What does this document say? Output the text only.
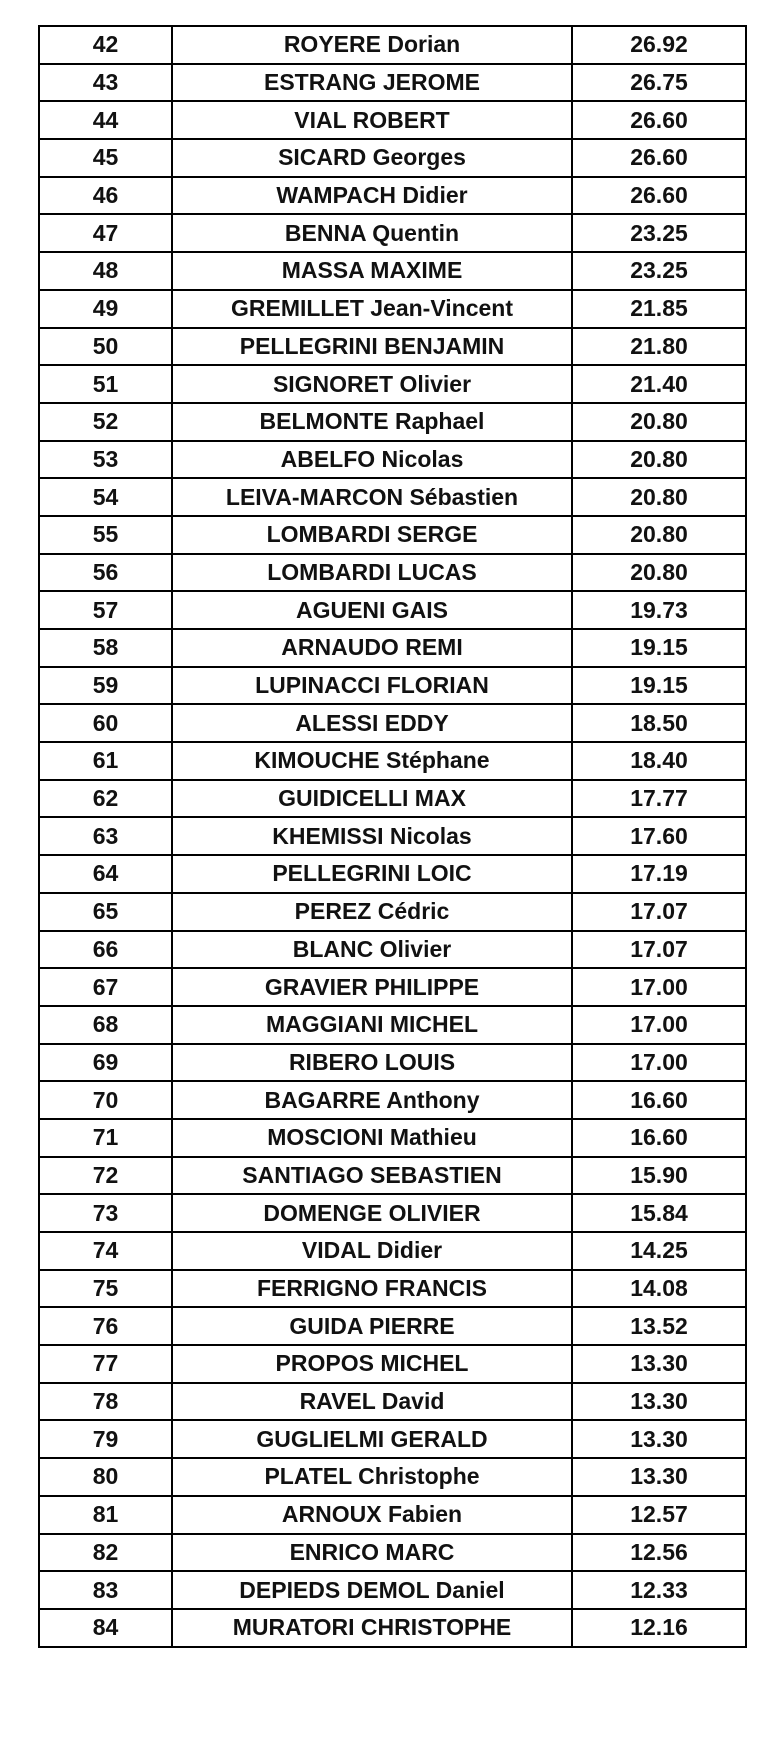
42	ROYERE Dorian	26.92
43	ESTRANG JEROME	26.75
44	VIAL ROBERT	26.60
45	SICARD Georges	26.60
46	WAMPACH Didier	26.60
47	BENNA Quentin	23.25
48	MASSA MAXIME	23.25
49	GREMILLET Jean-Vincent	21.85
50	PELLEGRINI BENJAMIN	21.80
51	SIGNORET Olivier	21.40
52	BELMONTE Raphael	20.80
53	ABELFO Nicolas	20.80
54	LEIVA-MARCON Sébastien	20.80
55	LOMBARDI SERGE	20.80
56	LOMBARDI LUCAS	20.80
57	AGUENI GAIS	19.73
58	ARNAUDO REMI	19.15
59	LUPINACCI FLORIAN	19.15
60	ALESSI EDDY	18.50
61	KIMOUCHE Stéphane	18.40
62	GUIDICELLI MAX	17.77
63	KHEMISSI Nicolas	17.60
64	PELLEGRINI LOIC	17.19
65	PEREZ Cédric	17.07
66	BLANC Olivier	17.07
67	GRAVIER PHILIPPE	17.00
68	MAGGIANI MICHEL	17.00
69	RIBERO LOUIS	17.00
70	BAGARRE Anthony	16.60
71	MOSCIONI Mathieu	16.60
72	SANTIAGO SEBASTIEN	15.90
73	DOMENGE OLIVIER	15.84
74	VIDAL Didier	14.25
75	FERRIGNO FRANCIS	14.08
76	GUIDA PIERRE	13.52
77	PROPOS MICHEL	13.30
78	RAVEL David	13.30
79	GUGLIELMI GERALD	13.30
80	PLATEL Christophe	13.30
81	ARNOUX Fabien	12.57
82	ENRICO MARC	12.56
83	DEPIEDS DEMOL Daniel	12.33
84	MURATORI CHRISTOPHE	12.16
